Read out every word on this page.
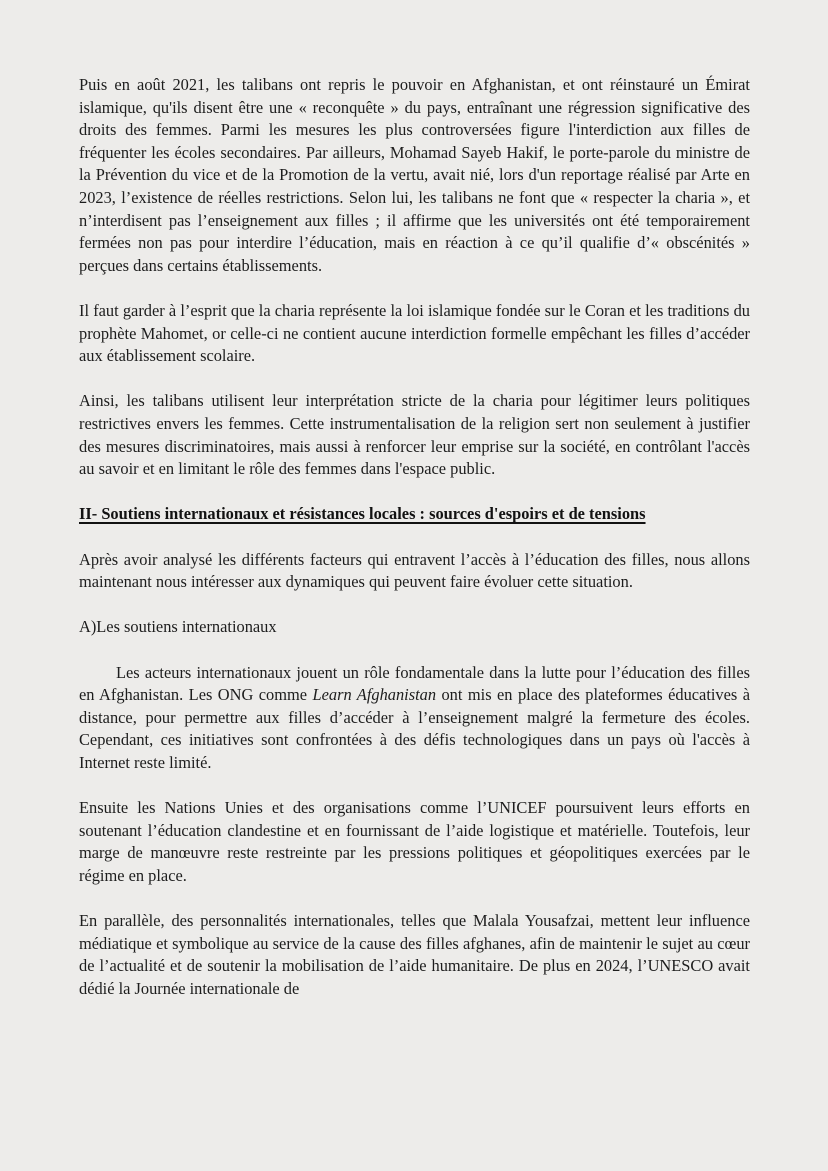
Puis en août 2021, les talibans ont repris le pouvoir en Afghanistan, et ont réinstauré un Émirat islamique, qu'ils disent être une « reconquête » du pays, entraînant une régression significative des droits des femmes. Parmi les mesures les plus controversées figure l'interdiction aux filles de fréquenter les écoles secondaires. Par ailleurs, Mohamad Sayeb Hakif, le porte-parole du ministre de la Prévention du vice et de la Promotion de la vertu, avait nié, lors d'un reportage réalisé par Arte en 2023, l’existence de réelles restrictions. Selon lui, les talibans ne font que « respecter la charia », et n’interdisent pas l’enseignement aux filles ; il affirme que les universités ont été temporairement fermées non pas pour interdire l’éducation, mais en réaction à ce qu’il qualifie d’« obscénités » perçues dans certains établissements.

Il faut garder à l’esprit que la charia représente la loi islamique fondée sur le Coran et les traditions du prophète Mahomet, or celle-ci ne contient aucune interdiction formelle empêchant les filles d’accéder aux établissement scolaire.

Ainsi, les talibans utilisent leur interprétation stricte de la charia pour légitimer leurs politiques restrictives envers les femmes. Cette instrumentalisation de la religion sert non seulement à justifier des mesures discriminatoires, mais aussi à renforcer leur emprise sur la société, en contrôlant l'accès au savoir et en limitant le rôle des femmes dans l'espace public.

II- Soutiens internationaux et résistances locales : sources d'espoirs et de tensions

Après avoir analysé les différents facteurs qui entravent l’accès à l’éducation des filles, nous allons maintenant nous intéresser aux dynamiques qui peuvent faire évoluer cette situation.

A)Les soutiens internationaux

Les acteurs internationaux jouent un rôle fondamentale dans la lutte pour l’éducation des filles en Afghanistan. Les ONG comme Learn Afghanistan ont mis en place des plateformes éducatives à distance, pour permettre aux filles d’accéder à l’enseignement malgré la fermeture des écoles. Cependant, ces initiatives sont confrontées à des défis technologiques dans un pays où l'accès à Internet reste limité.

Ensuite les Nations Unies et des organisations comme l’UNICEF poursuivent leurs efforts en soutenant l’éducation clandestine et en fournissant de l’aide logistique et matérielle. Toutefois, leur marge de manœuvre reste restreinte par les pressions politiques et géopolitiques exercées par le régime en place.

En parallèle, des personnalités internationales, telles que Malala Yousafzai, mettent leur influence médiatique et symbolique au service de la cause des filles afghanes, afin de maintenir le sujet au cœur de l’actualité et de soutenir la mobilisation de l’aide humanitaire. De plus en 2024, l’UNESCO avait dédié la Journée internationale de
